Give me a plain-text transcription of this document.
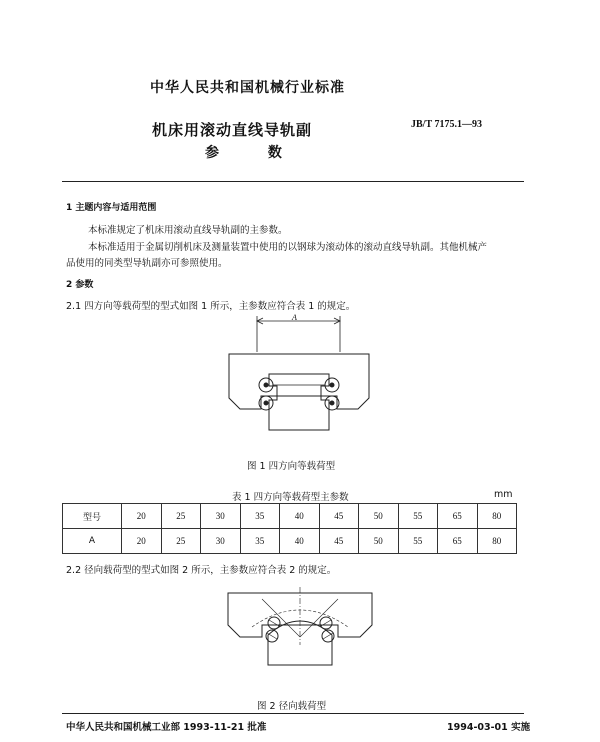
中华人民共和国机械行业标准
机床用滚动直线导轨副
参 数
JB/T 7175.1—93
1 主题内容与适用范围
本标准规定了机床用滚动直线导轨副的主参数。
本标准适用于金属切削机床及测量装置中使用的以钢球为滚动体的滚动直线导轨副。其他机械产
品使用的同类型导轨副亦可参照使用。
2 参数
2.1 四方向等载荷型的型式如图 1 所示，主参数应符合表 1 的规定。
A
图 1 四方向等载荷型
表 1 四方向等载荷型主参数	mm
型号	20	25	30	35	40	45	50	55	65	80
A	20	25	30	35	40	45	50	55	65	80
2.2 径向载荷型的型式如图 2 所示，主参数应符合表 2 的规定。
图 2 径向载荷型
中华人民共和国机械工业部 1993-11-21 批准	1994-03-01 实施
